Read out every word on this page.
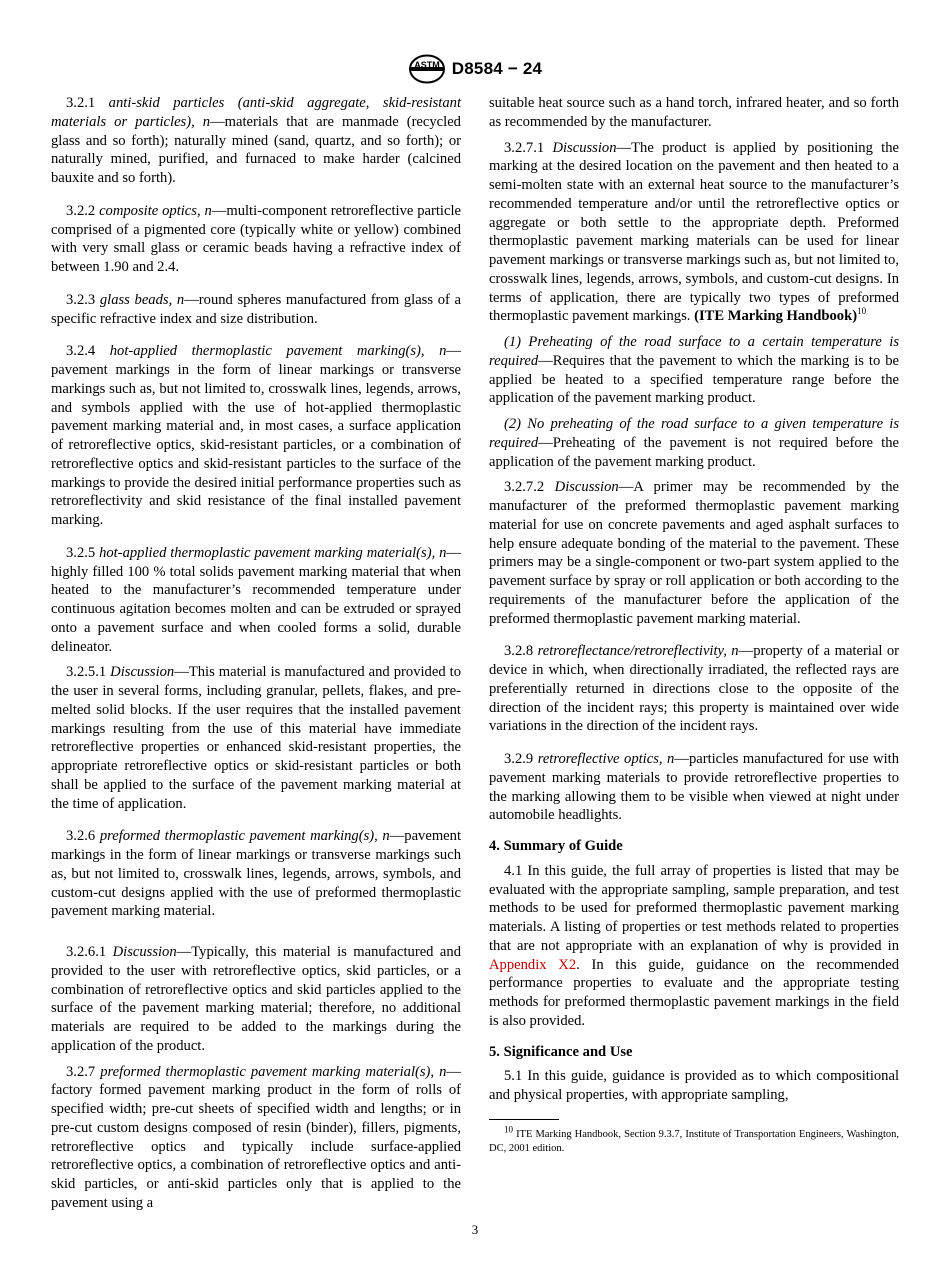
ASTM D8584 − 24

3.2.1 anti-skid particles (anti-skid aggregate, skid-resistant materials or particles), n—materials that are manmade (recycled glass and so forth); naturally mined (sand, quartz, and so forth); or naturally mined, purified, and furnaced to make harder (calcined bauxite and so forth).

3.2.2 composite optics, n—multi-component retroreflective particle comprised of a pigmented core (typically white or yellow) combined with very small glass or ceramic beads having a refractive index of between 1.90 and 2.4.

3.2.3 glass beads, n—round spheres manufactured from glass of a specific refractive index and size distribution.

3.2.4 hot-applied thermoplastic pavement marking(s), n—pavement markings in the form of linear markings or transverse markings such as, but not limited to, crosswalk lines, legends, arrows, and symbols applied with the use of hot-applied thermoplastic pavement marking material and, in most cases, a surface application of retroreflective optics, skid-resistant particles, or a combination of retroreflective optics and skid-resistant particles to the surface of the markings to provide the desired initial performance properties such as retroreflectivity and skid resistance of the final installed pavement marking.

3.2.5 hot-applied thermoplastic pavement marking material(s), n—highly filled 100 % total solids pavement marking material that when heated to the manufacturer’s recommended temperature under continuous agitation becomes molten and can be extruded or sprayed onto a pavement surface and when cooled forms a solid, durable delineator.

3.2.5.1 Discussion—This material is manufactured and provided to the user in several forms, including granular, pellets, flakes, and pre-melted solid blocks. If the user requires that the installed pavement markings resulting from the use of this material have immediate retroreflective properties or enhanced skid-resistant properties, the appropriate retroreflective optics or skid-resistant particles or both shall be applied to the surface of the pavement marking material at the time of application.

3.2.6 preformed thermoplastic pavement marking(s), n—pavement markings in the form of linear markings or transverse markings such as, but not limited to, crosswalk lines, legends, arrows, symbols, and custom-cut designs applied with the use of preformed thermoplastic pavement marking material.

3.2.6.1 Discussion—Typically, this material is manufactured and provided to the user with retroreflective optics, skid particles, or a combination of retroreflective optics and skid particles applied to the surface of the pavement marking material; therefore, no additional materials are required to be added to the markings during the application of the product.

3.2.7 preformed thermoplastic pavement marking material(s), n—factory formed pavement marking product in the form of rolls of specified width; pre-cut sheets of specified width and lengths; or in pre-cut custom designs composed of resin (binder), fillers, pigments, retroreflective optics and typically include surface-applied retroreflective optics, a combination of retroreflective optics and anti-skid particles, or anti-skid particles only that is applied to the pavement using a

suitable heat source such as a hand torch, infrared heater, and so forth as recommended by the manufacturer.

3.2.7.1 Discussion—The product is applied by positioning the marking at the desired location on the pavement and then heated to a semi-molten state with an external heat source to the manufacturer’s recommended temperature and/or until the retroreflective optics or aggregate or both settle to the appropriate depth. Preformed thermoplastic pavement marking materials can be used for linear pavement markings or transverse markings such as, but not limited to, crosswalk lines, legends, arrows, symbols, and custom-cut designs. In terms of application, there are typically two types of preformed thermoplastic pavement markings. (ITE Marking Handbook)$^{10}$

(1) Preheating of the road surface to a certain temperature is required—Requires that the pavement to which the marking is to be applied be heated to a specified temperature range before the application of the pavement marking product.

(2) No preheating of the road surface to a given temperature is required—Preheating of the pavement is not required before the application of the pavement marking product.

3.2.7.2 Discussion—A primer may be recommended by the manufacturer of the preformed thermoplastic pavement marking material for use on concrete pavements and aged asphalt surfaces to help ensure adequate bonding of the material to the pavement. These primers may be a single-component or two-part system applied to the pavement surface by spray or roll application or both according to the requirements of the manufacturer before the application of the preformed thermoplastic pavement marking material.

3.2.8 retroreflectance/retroreflectivity, n—property of a material or device in which, when directionally irradiated, the reflected rays are preferentially returned in directions close to the opposite of the direction of the incident rays; this property is maintained over wide variations in the direction of the incident rays.

3.2.9 retroreflective optics, n—particles manufactured for use with pavement marking materials to provide retroreflective properties to the marking allowing them to be visible when viewed at night under automobile headlights.

4. Summary of Guide

4.1 In this guide, the full array of properties is listed that may be evaluated with the appropriate sampling, sample preparation, and test methods to be used for preformed thermoplastic pavement marking materials. A listing of properties or test methods related to properties that are not appropriate with an explanation of why is provided in Appendix X2. In this guide, guidance on the recommended performance properties to evaluate and the appropriate testing methods for preformed thermoplastic pavement markings in the field is also provided.

5. Significance and Use

5.1 In this guide, guidance is provided as to which compositional and physical properties, with appropriate sampling,

$^{10}$ ITE Marking Handbook, Section 9.3.7, Institute of Transportation Engineers, Washington, DC, 2001 edition.

3
